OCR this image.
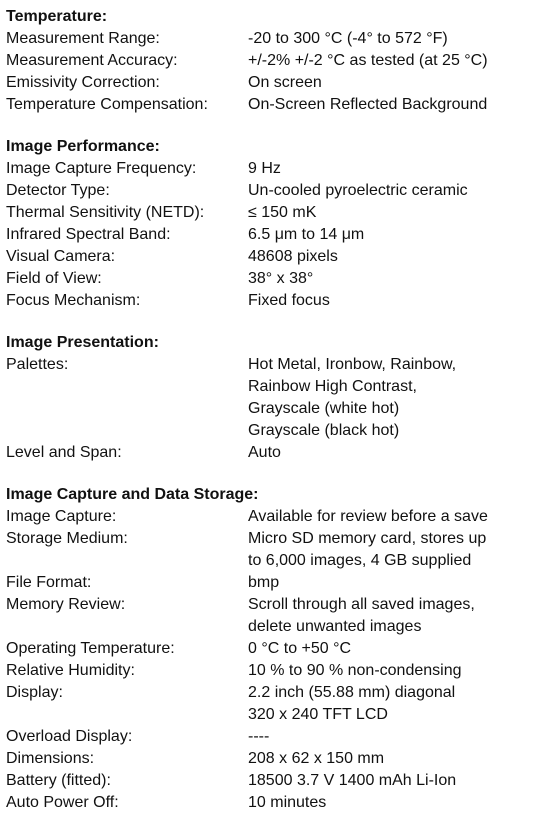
Temperature:
Measurement Range:	-20 to 300 °C (-4° to 572 °F)
Measurement Accuracy:	+/-2% +/-2 °C as tested (at 25 °C)
Emissivity Correction:	On screen
Temperature Compensation:	On-Screen Reflected Background
Image Performance:
Image Capture Frequency:	9 Hz
Detector Type:	Un-cooled pyroelectric ceramic
Thermal Sensitivity (NETD):	≤ 150 mK
Infrared Spectral Band:	6.5 μm to 14 μm
Visual Camera:	48608 pixels
Field of View:	38° x 38°
Focus Mechanism:	Fixed focus
Image Presentation:
Palettes:	Hot Metal, Ironbow, Rainbow,
Rainbow High Contrast,
Grayscale (white hot)
Grayscale (black hot)
Level and Span:	Auto
Image Capture and Data Storage:
Image Capture:	Available for review before a save
Storage Medium:	Micro SD memory card, stores up
to 6,000 images, 4 GB supplied
File Format:	bmp
Memory Review:	Scroll through all saved images,
delete unwanted images
Operating Temperature:	0 °C to +50 °C
Relative Humidity:	10 % to 90 % non-condensing
Display:	2.2 inch (55.88 mm) diagonal
320 x 240 TFT LCD
Overload Display:	----
Dimensions:	208 x 62 x 150 mm
Battery (fitted):	18500 3.7 V 1400 mAh Li-Ion
Auto Power Off:	10 minutes
